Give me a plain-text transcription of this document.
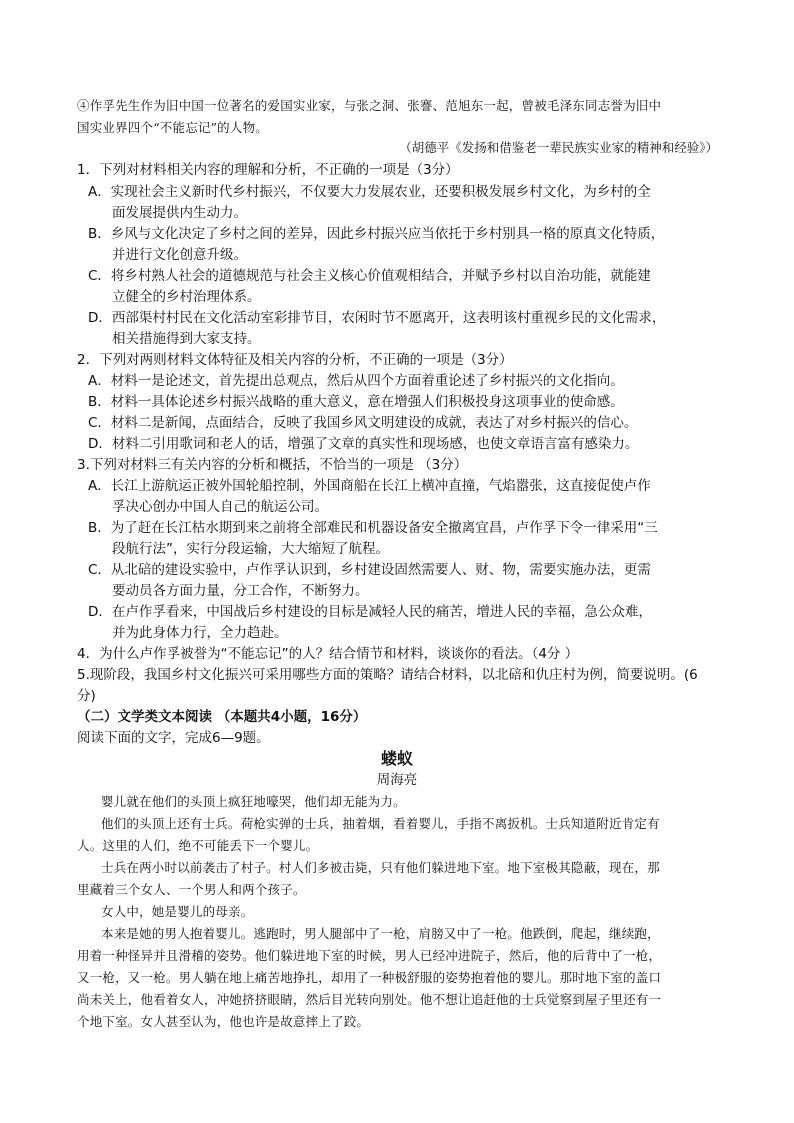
④作孚先生作为旧中国一位著名的爱国实业家，与张之洞、张謇、范旭东一起，曾被毛泽东同志誉为旧中
国实业界四个“不能忘记”的人物。
（胡德平《发扬和借鉴老一辈民族实业家的精神和经验》）
1．下列对材料相关内容的理解和分析，不正确的一项是（3分）
A．实现社会主义新时代乡村振兴，不仅要大力发展农业，还要积极发展乡村文化，为乡村的全
面发展提供内生动力。
B．乡风与文化决定了乡村之间的差异，因此乡村振兴应当依托于乡村别具一格的原真文化特质，
并进行文化创意升级。
C．将乡村熟人社会的道德规范与社会主义核心价值观相结合，并赋予乡村以自治功能，就能建
立健全的乡村治理体系。
D．西部渠村村民在文化活动室彩排节目，农闲时节不愿离开，这表明该村重视乡民的文化需求，
相关措施得到大家支持。
2．下列对两则材料文体特征及相关内容的分析，不正确的一项是（3分）
A．材料一是论述文，首先提出总观点，然后从四个方面着重论述了乡村振兴的文化指向。
B．材料一具体论述乡村振兴战略的重大意义，意在增强人们积极投身这项事业的使命感。
C．材料二是新闻，点面结合，反映了我国乡风文明建设的成就，表达了对乡村振兴的信心。
D．材料二引用歌词和老人的话，增强了文章的真实性和现场感，也使文章语言富有感染力。
3.下列对材料三有关内容的分析和概括，不恰当的一项是 （3分）
A．长江上游航运正被外国轮船控制，外国商船在长江上横冲直撞，气焰嚣张，这直接促使卢作
孚决心创办中国人自己的航运公司。
B．为了赶在长江枯水期到来之前将全部难民和机器设备安全撤离宜昌，卢作孚下令一律采用“三
段航行法”，实行分段运输，大大缩短了航程。
C．从北碚的建设实验中，卢作孚认识到，乡村建设固然需要人、财、物，需要实施办法，更需
要动员各方面力量，分工合作，不断努力。
D．在卢作孚看来，中国战后乡村建设的目标是减轻人民的痛苦，增进人民的幸福，急公众难，
并为此身体力行，全力趋赴。
4．为什么卢作孚被誉为“不能忘记”的人？结合情节和材料，谈谈你的看法。（4分 ）
5.现阶段，我国乡村文化振兴可采用哪些方面的策略？请结合材料，以北碚和仇庄村为例，简要说明。(6
分)
（二）文学类文本阅读 （本题共4小题，16分）
阅读下面的文字，完成6—9题。
蝼蚁
周海亮
婴儿就在他们的头顶上疯狂地嚎哭，他们却无能为力。
他们的头顶上还有士兵。荷枪实弹的士兵，抽着烟，看着婴儿，手指不离扳机。士兵知道附近肯定有
人。这里的人们，绝不可能丢下一个婴儿。
士兵在两小时以前袭击了村子。村人们多被击毙，只有他们躲进地下室。地下室极其隐蔽，现在，那
里藏着三个女人、一个男人和两个孩子。
女人中，她是婴儿的母亲。
本来是她的男人抱着婴儿。逃跑时，男人腿部中了一枪，肩膀又中了一枪。他跌倒，爬起，继续跑，
用着一种怪异并且滑稽的姿势。他们躲进地下室的时候，男人已经冲进院子，然后，他的后背中了一枪，
又一枪，又一枪。男人躺在地上痛苦地挣扎，却用了一种极舒服的姿势抱着他的婴儿。那时地下室的盖口
尚未关上，他看着女人，冲她挤挤眼睛，然后目光转向别处。他不想让追赶他的士兵觉察到屋子里还有一
个地下室。女人甚至认为，他也许是故意摔上了跤。
